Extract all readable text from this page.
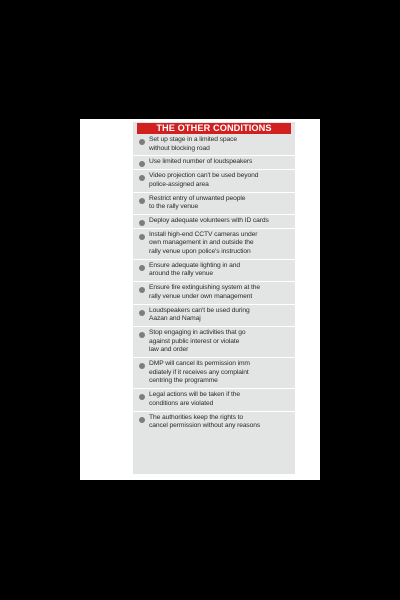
THE OTHER CONDITIONS
Set up stage in a limited space
without blocking road
Use limited number of loudspeakers
Video projection can't be used beyond
police-assigned area
Restrict entry of unwanted people
to the rally venue
Deploy adequate volunteers with ID cards
Install high-end CCTV cameras under
own management in and outside the
rally venue upon police's instruction
Ensure adequate lighting in and
around the rally venue
Ensure fire extinguishing system at the
rally venue under own management
Loudspeakers can't be used during
Aazan and Namaj
Stop engaging in activities that go
against public interest or violate
law and order
DMP will cancel its permission imm
ediately if it receives any complaint
centring the programme
Legal actions will be taken if the
conditions are violated
The authorities keep the rights to
cancel permission without any reasons
